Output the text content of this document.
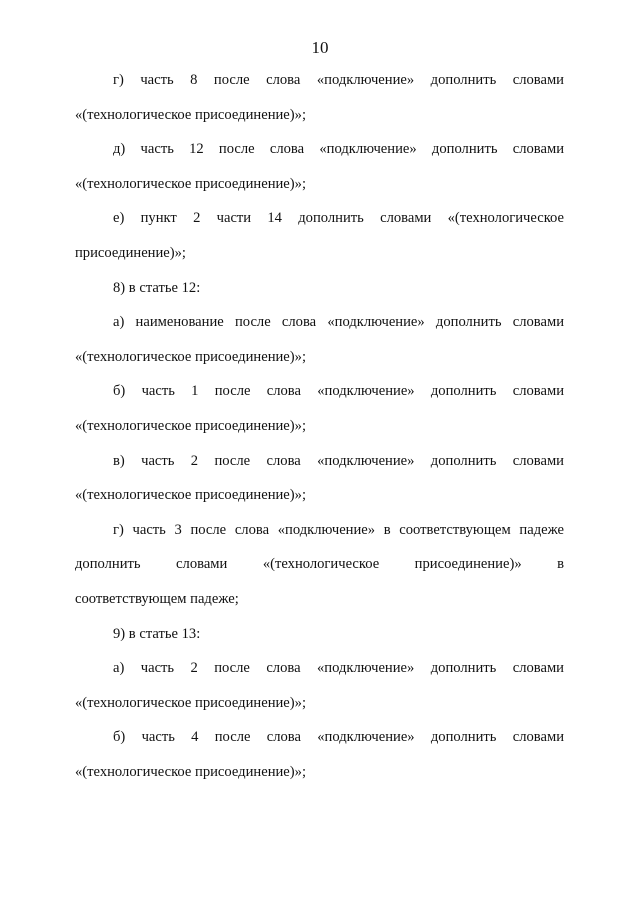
10

г) часть 8 после слова «подключение» дополнить словами

«(технологическое присоединение)»;

д) часть 12 после слова «подключение» дополнить словами

«(технологическое присоединение)»;

е) пункт 2 части 14 дополнить словами «(технологическое

присоединение)»;

8) в статье 12:

а) наименование после слова «подключение» дополнить словами

«(технологическое присоединение)»;

б) часть 1 после слова «подключение» дополнить словами

«(технологическое присоединение)»;

в) часть 2 после слова «подключение» дополнить словами

«(технологическое присоединение)»;

г) часть 3 после слова «подключение» в соответствующем падеже

дополнить словами «(технологическое присоединение)» в

соответствующем падеже;

9) в статье 13:

а) часть 2 после слова «подключение» дополнить словами

«(технологическое присоединение)»;

б) часть 4 после слова «подключение» дополнить словами

«(технологическое присоединение)»;
